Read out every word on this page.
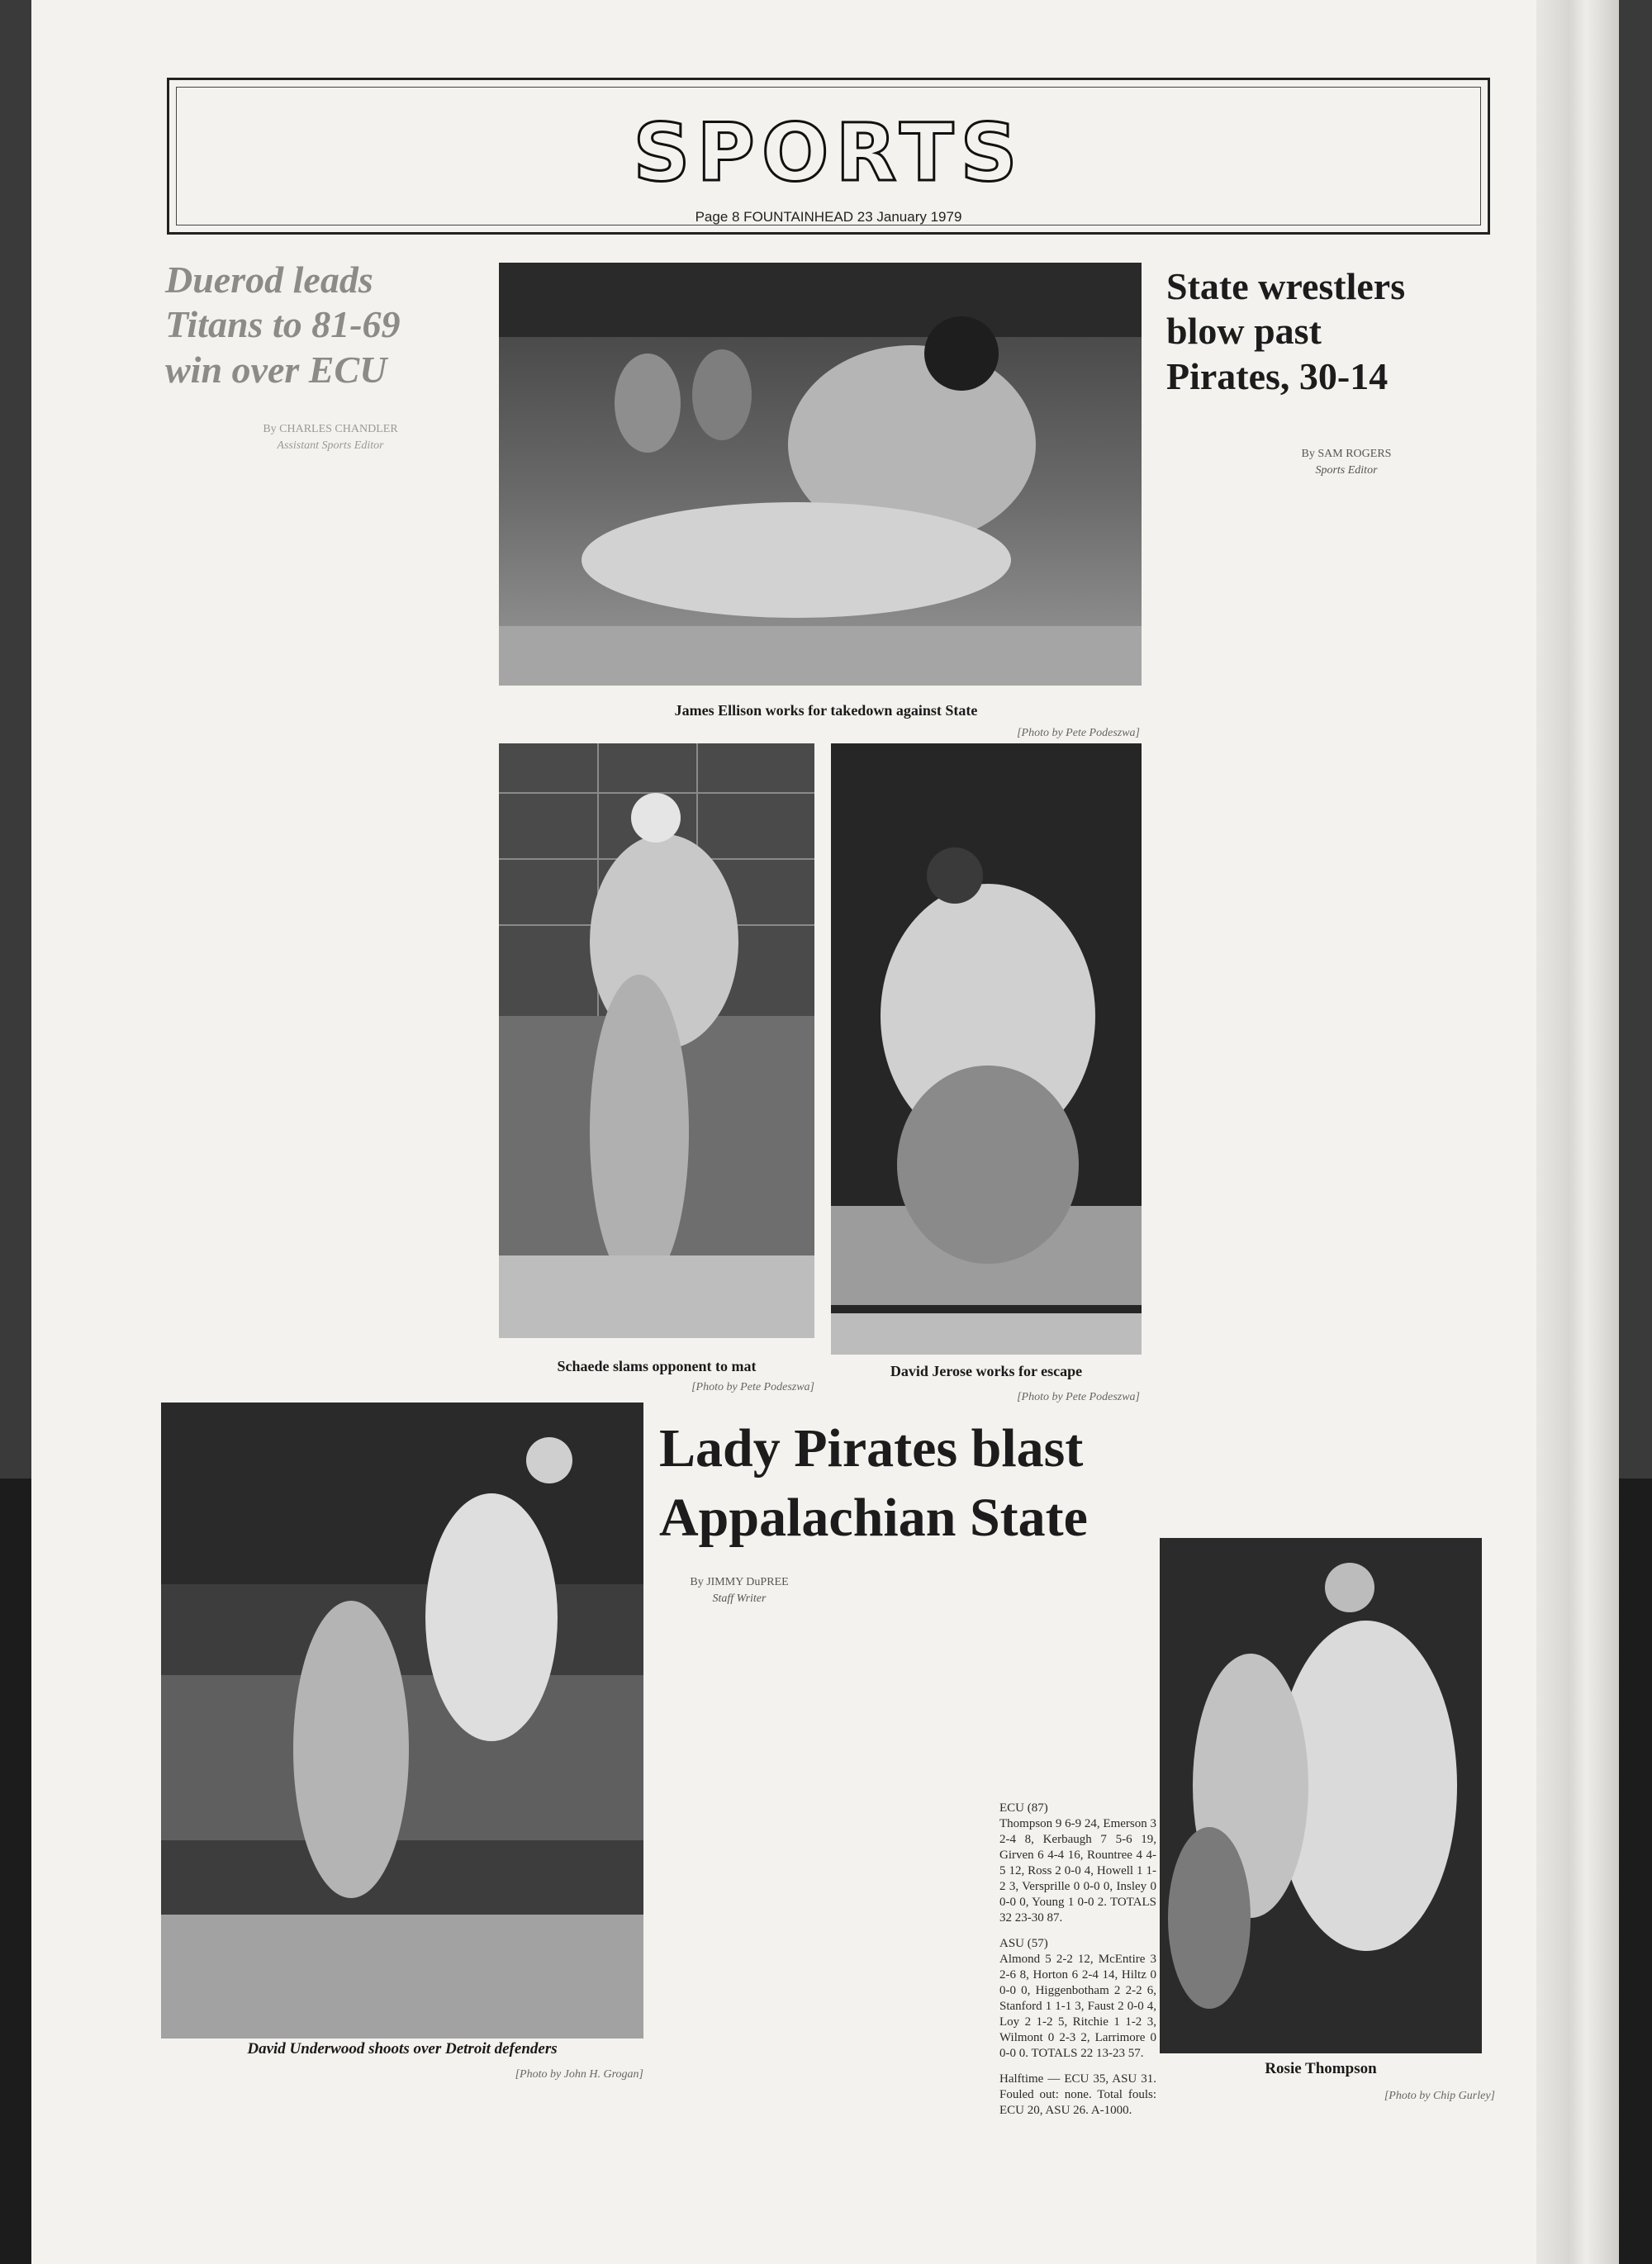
SPORTS
Page 8 FOUNTAINHEAD 23 January 1979
Duerod leads
Titans to 81-69
win over ECU
By CHARLES CHANDLER
Assistant Sports Editor
James Ellison works for takedown against State
[Photo by Pete Podeszwa]
Schaede slams opponent to mat
[Photo by Pete Podeszwa]
David Jerose works for escape
[Photo by Pete Podeszwa]
State wrestlers
blow past
Pirates, 30-14
By SAM ROGERS
Sports Editor
David Underwood shoots over Detroit defenders
[Photo by John H. Grogan]
Lady Pirates blast
Appalachian State
By JIMMY DuPREE
Staff Writer

ECU (87)

Thompson 9 6-9 24, Emerson 3 2-4 8, Kerbaugh 7 5-6 19, Girven 6 4-4 16, Rountree 4 4-5 12, Ross 2 0-0 4, Howell 1 1-2 3, Versprille 0 0-0 0, Insley 0 0-0 0, Young 1 0-0 2. TOTALS 32 23-30 87.

ASU (57)

Almond 5 2-2 12, McEntire 3 2-6 8, Horton 6 2-4 14, Hiltz 0 0-0 0, Higgenbotham 2 2-2 6, Stanford 1 1-1 3, Faust 2 0-0 4, Loy 2 1-2 5, Ritchie 1 1-2 3, Wilmont 0 2-3 2, Larrimore 0 0-0 0. TOTALS 22 13-23 57.

Halftime — ECU 35, ASU 31. Fouled out: none. Total fouls: ECU 20, ASU 26. A-1000.

Rosie Thompson
[Photo by Chip Gurley]
